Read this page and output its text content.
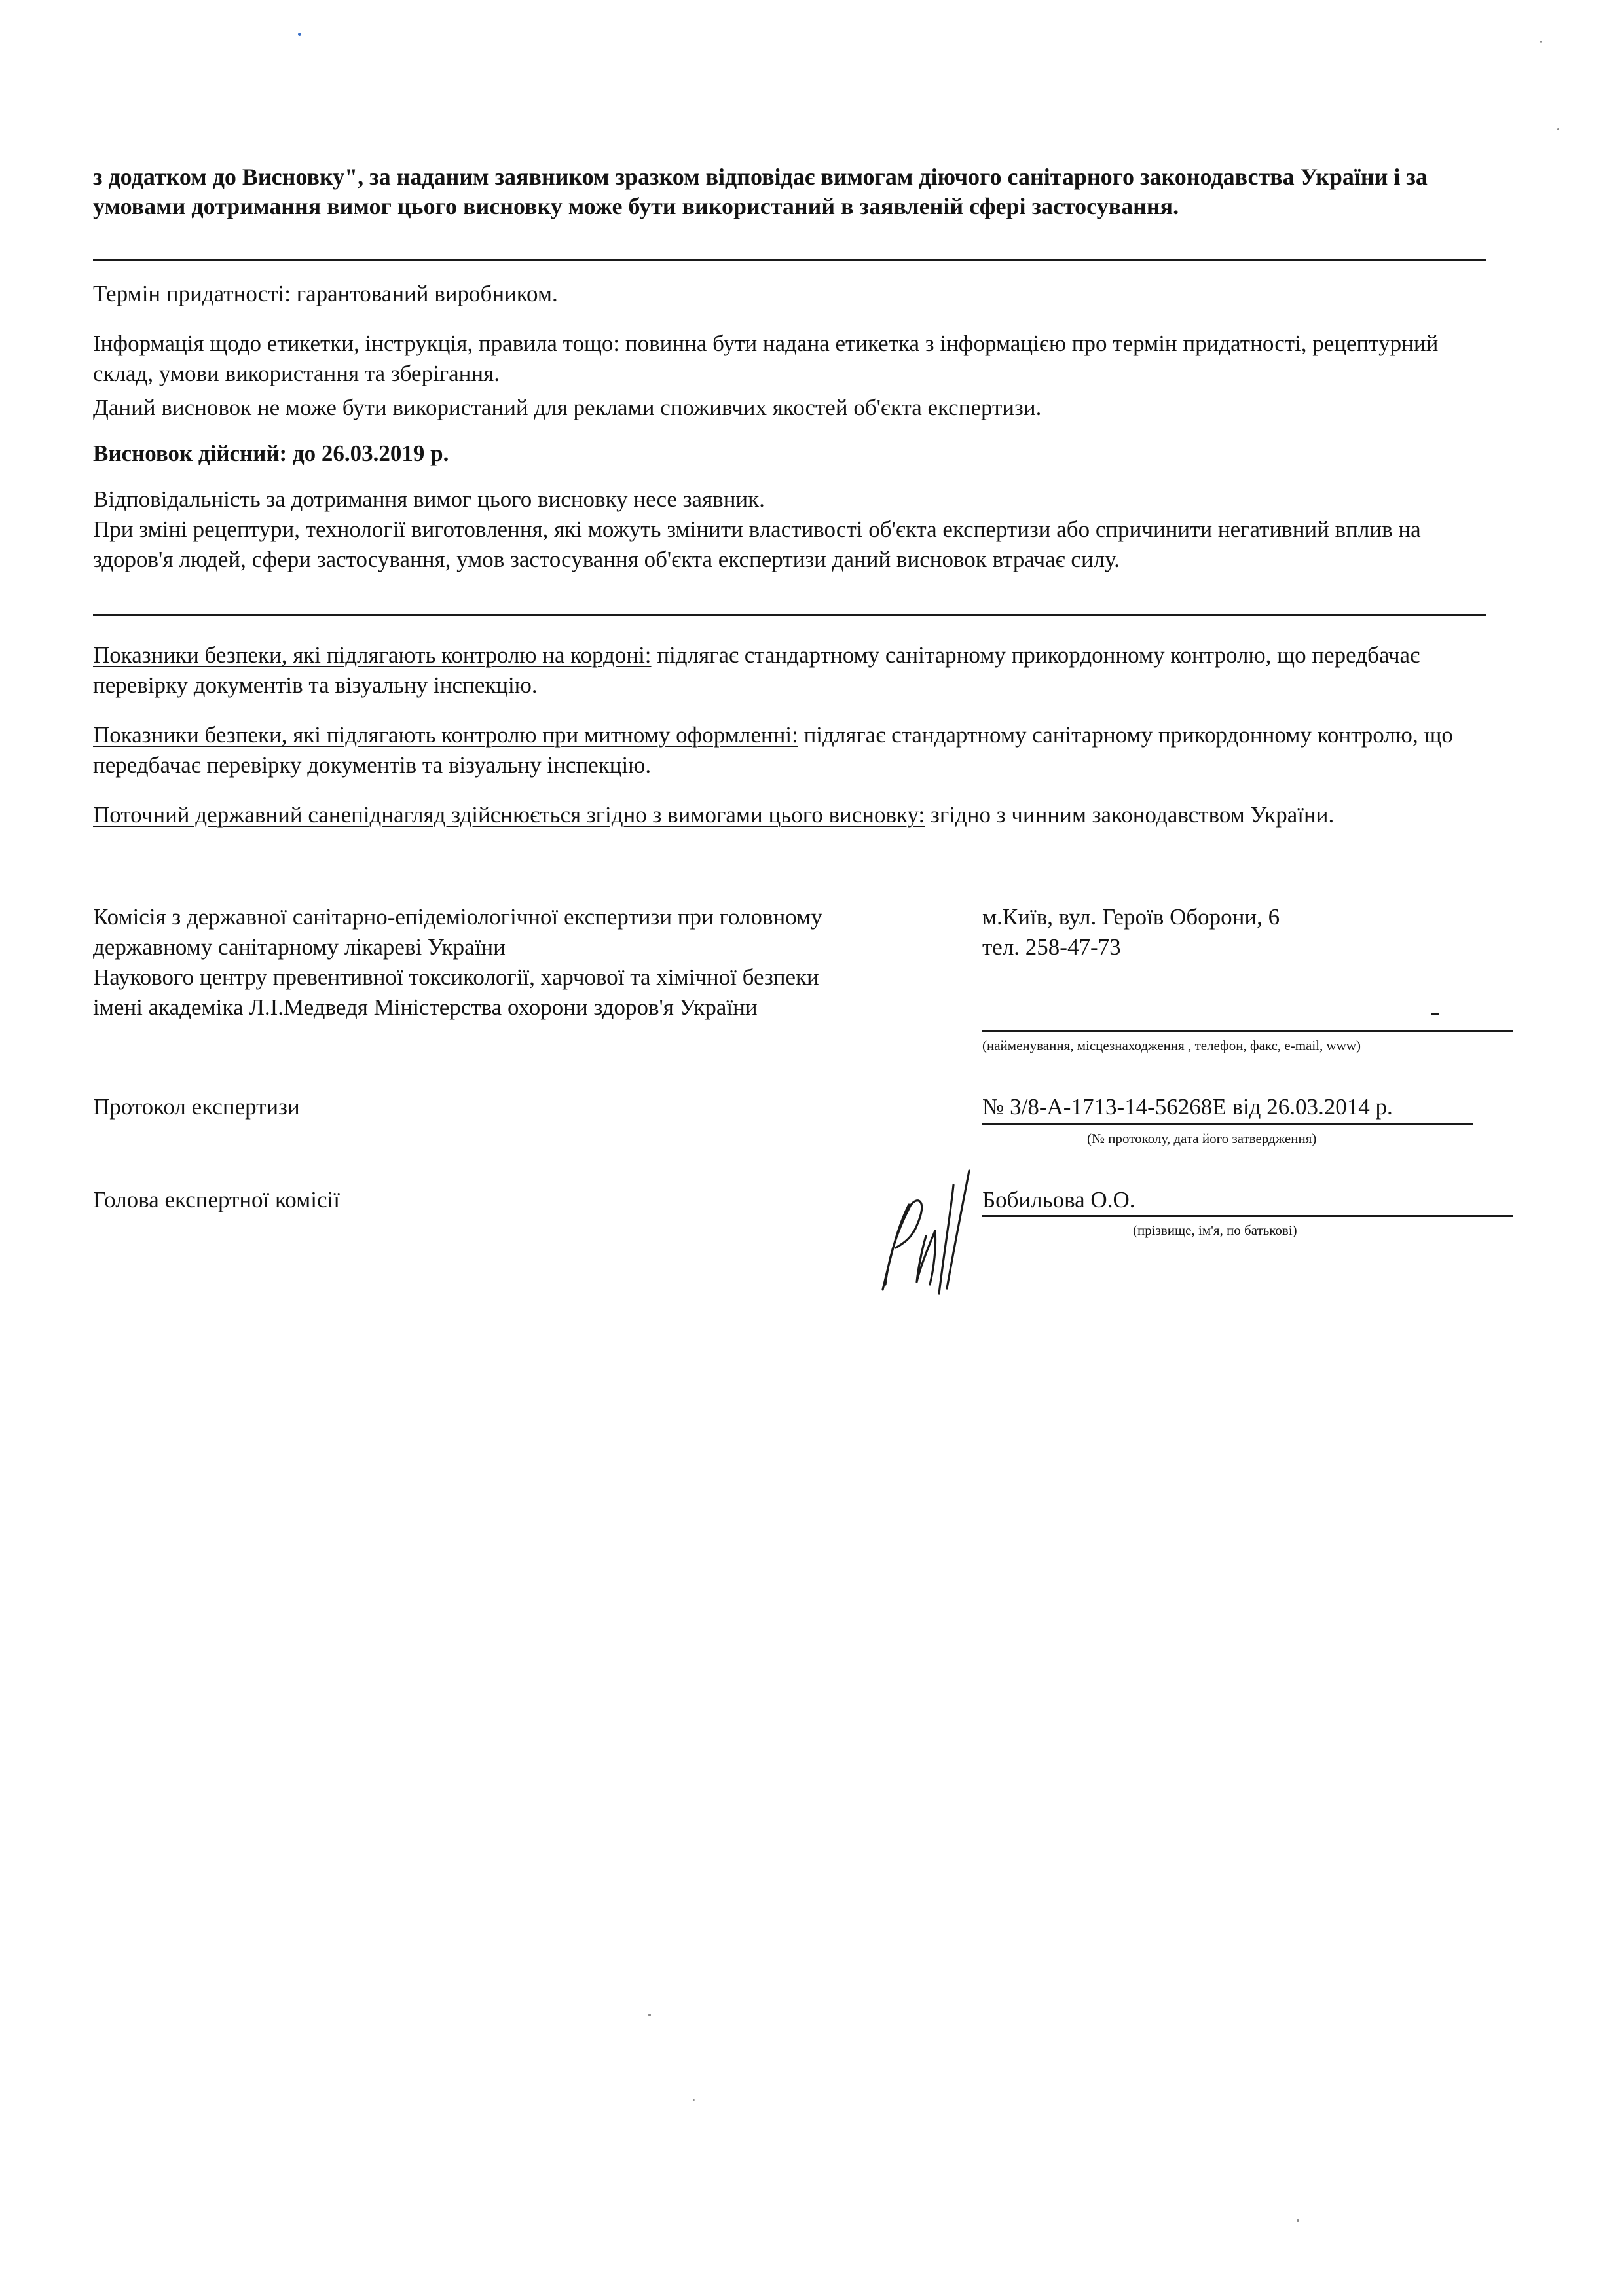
з додатком до Висновку", за наданим заявником зразком відповідає вимогам діючого санітарного законодавства України і за умовами дотримання вимог цього висновку може бути використаний в заявленій сфері застосування.

Термін придатності: гарантований виробником.

Інформація щодо етикетки, інструкція, правила тощо: повинна бути надана етикетка з інформацією про термін придатності, рецептурний склад, умови використання та зберігання.

Даний висновок не може бути використаний для реклами споживчих якостей об'єкта експертизи.

Висновок дійсний: до 26.03.2019 р.

Відповідальність за дотримання вимог цього висновку несе заявник.
При зміні рецептури, технології виготовлення, які можуть змінити властивості об'єкта експертизи або спричинити негативний вплив на здоров'я людей, сфери застосування, умов застосування об'єкта експертизи даний висновок втрачає силу.

Показники безпеки, які підлягають контролю на кордоні: підлягає стандартному санітарному прикордонному контролю, що передбачає перевірку документів та візуальну інспекцію.

Показники безпеки, які підлягають контролю при митному оформленні: підлягає стандартному санітарному прикордонному контролю, що передбачає перевірку документів та візуальну інспекцію.

Поточний державний санепіднагляд здійснюється згідно з вимогами цього висновку: згідно з чинним законодавством України.

Комісія з державної санітарно-епідеміологічної експертизи при головному
державному санітарному лікареві України
Наукового центру превентивної токсикології, харчової та хімічної безпеки
імені академіка Л.І.Медведя Міністерства охорони здоров'я України
м.Київ, вул. Героїв Оборони, 6
тел. 258-47-73
(найменування, місцезнаходження , телефон, факс, e-mail, www)
Протокол експертизи	№ 3/8-А-1713-14-56268Е від 26.03.2014 р.
(№ протоколу, дата його затвердження)
Голова експертної комісії	Бобильова О.О.
(прізвище, ім'я, по батькові)
